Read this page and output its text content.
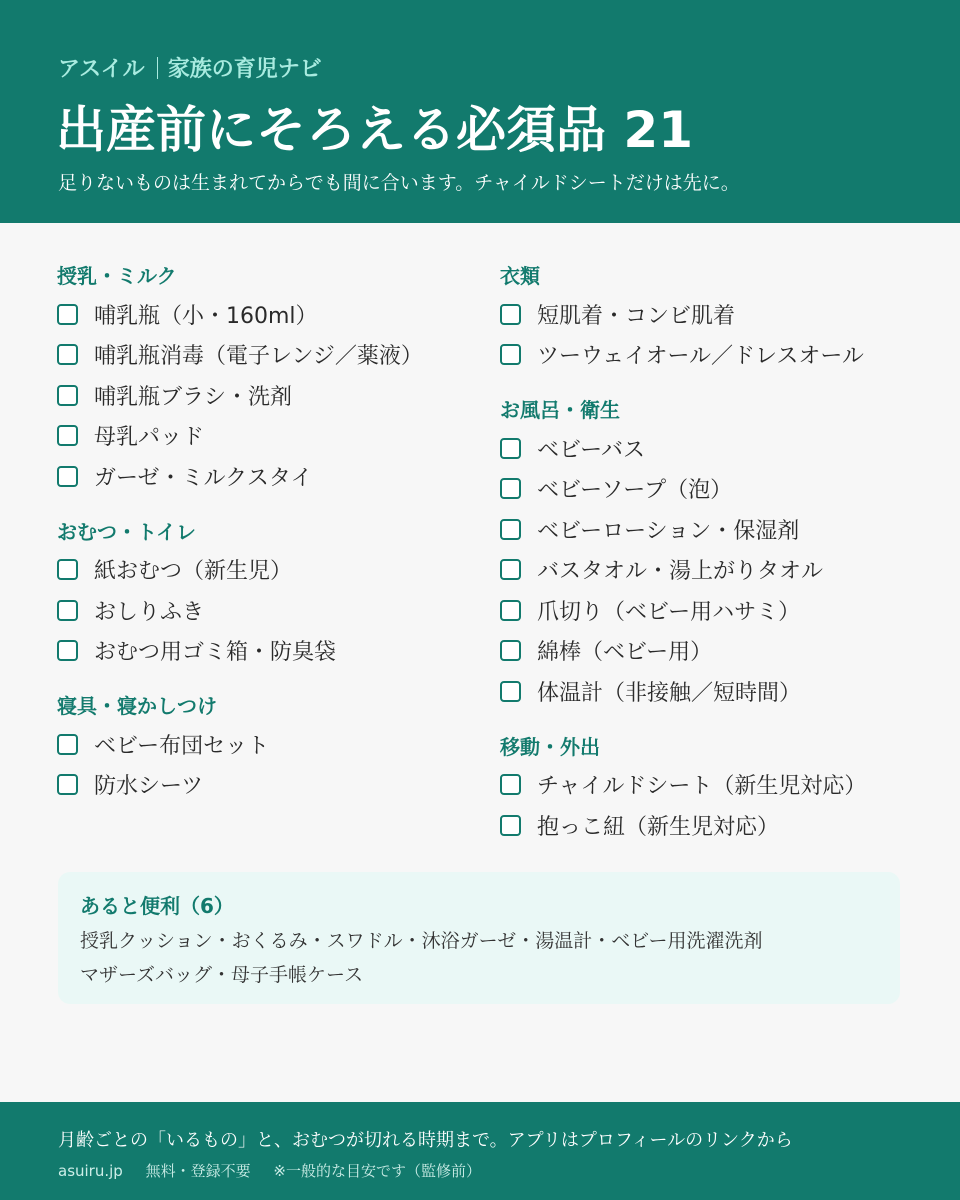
アスイル 家族の育児ナビ
出産前にそろえる必須品 21

足りないものは生まれてからでも間に合います。チャイルドシートだけは先に。

授乳・ミルク
哺乳瓶（小・160ml）
哺乳瓶消毒（電子レンジ／薬液）
哺乳瓶ブラシ・洗剤
母乳パッド
ガーゼ・ミルクスタイ
おむつ・トイレ
紙おむつ（新生児）
おしりふき
おむつ用ゴミ箱・防臭袋
寝具・寝かしつけ
ベビー布団セット
防水シーツ
衣類
短肌着・コンビ肌着
ツーウェイオール／ドレスオール
お風呂・衛生
ベビーバス
ベビーソープ（泡）
ベビーローション・保湿剤
バスタオル・湯上がりタオル
爪切り（ベビー用ハサミ）
綿棒（ベビー用）
体温計（非接触／短時間）
移動・外出
チャイルドシート（新生児対応）
抱っこ紐（新生児対応）
あると便利（6）
授乳クッション・おくるみ・スワドル・沐浴ガーゼ・湯温計・ベビー用洗濯洗剤
マザーズバッグ・母子手帳ケース
月齢ごとの「いるもの」と、おむつが切れる時期まで。アプリはプロフィールのリンクから
asuiru.jp 無料・登録不要 ※一般的な目安です（監修前）
